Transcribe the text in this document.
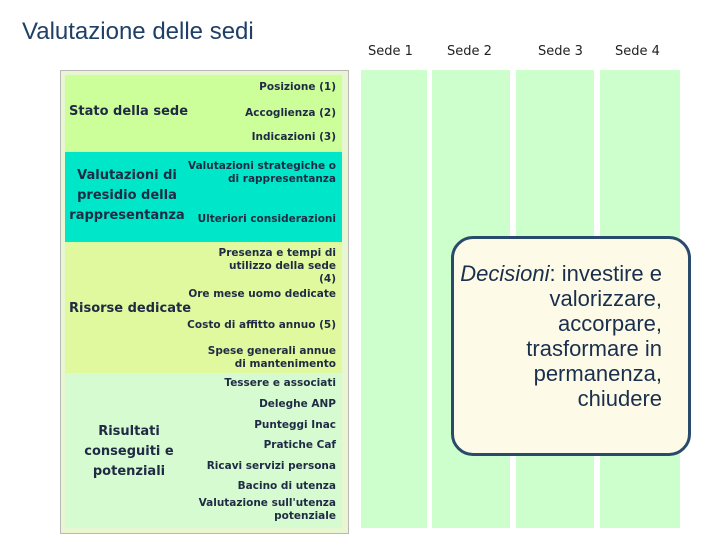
Valutazione delle sedi
Sede 1	Sede 2	Sede 3 Sede 4
Stato della sede
Posizione (1)
Accoglienza (2)
Indicazioni (3)
Valutazioni di presidio della rappresentanza
Valutazioni strategiche o di rappresentanza
Ulteriori considerazioni
Risorse dedicate
Presenza e tempi di utilizzo della sede (4)
Ore mese uomo dedicate
Costo di affitto annuo (5)
Spese generali annue di mantenimento
Risultati conseguiti e potenziali
Tessere e associati
Deleghe ANP
Punteggi Inac
Pratiche Caf
Ricavi servizi persona
Bacino di utenza
Valutazione sull'utenza potenziale
Decisioni: investire e valorizzare, accorpare, trasformare in permanenza, chiudere
